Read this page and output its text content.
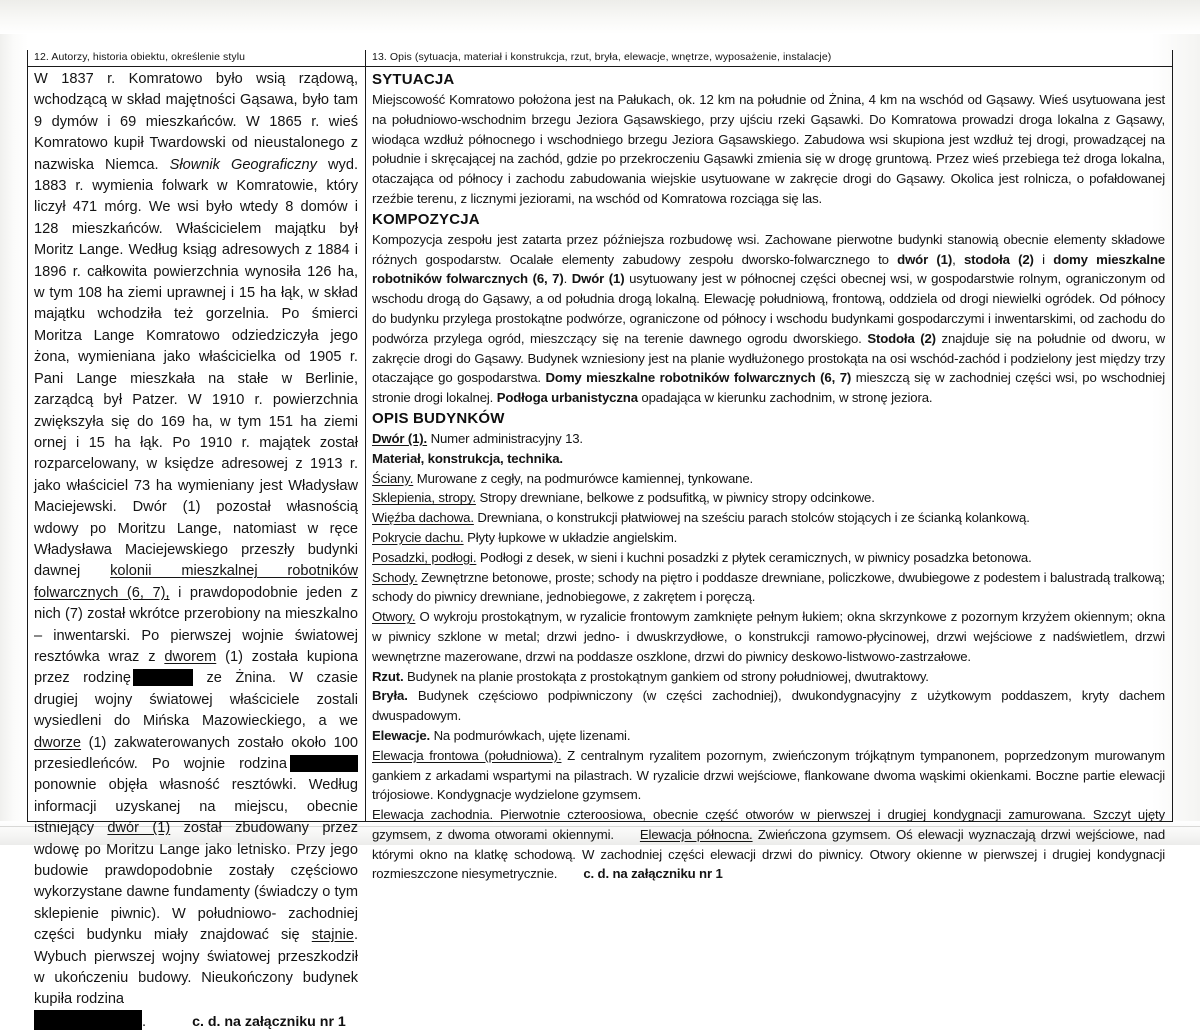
12. Autorzy, historia obiektu, określenie stylu

W 1837 r. Komratowo było wsią rządową, wchodzącą w skład majętności Gąsawa, było tam 9 dymów i 69 mieszkańców. W 1865 r. wieś Komratowo kupił Twardowski od nieustalonego z nazwiska Niemca. Słownik Geograficzny wyd. 1883 r. wymienia folwark w Komratowie, który liczył 471 mórg. We wsi było wtedy 8 domów i 128 mieszkańców. Właścicielem majątku był Moritz Lange. Według ksiąg adresowych z 1884 i 1896 r. całkowita powierzchnia wynosiła 126 ha, w tym 108 ha ziemi uprawnej i 15 ha łąk, w skład majątku wchodziła też gorzelnia. Po śmierci Moritza Lange Komratowo odziedziczyła jego żona, wymieniana jako właścicielka od 1905 r. Pani Lange mieszkała na stałe w Berlinie, zarządcą był Patzer. W 1910 r. powierzchnia zwiększyła się do 169 ha, w tym 151 ha ziemi ornej i 15 ha łąk. Po 1910 r. majątek został rozparcelowany, w księdze adresowej z 1913 r. jako właściciel 73 ha wymieniany jest Władysław Maciejewski. Dwór (1) pozostał własnością wdowy po Moritzu Lange, natomiast w ręce Władysława Maciejewskiego przeszły budynki dawnej kolonii mieszkalnej robotników folwarcznych (6, 7), i prawdopodobnie jeden z nich (7) został wkrótce przerobiony na mieszkalno – inwentarski. Po pierwszej wojnie światowej resztówka wraz z dworem (1) została kupiona przez rodzinę	ze Żnina. W czasie drugiej wojny światowej właściciele zostali wysiedleni do Mińska Mazowieckiego, a we dworze (1) zakwaterowanych zostało około 100 przesiedleńców. Po wojnie rodzina ponownie objęła własność resztówki. Według informacji uzyskanej na miejscu, obecnie istniejący dwór (1) został zbudowany przez wdowę po Moritzu Lange jako letnisko. Przy jego budowie prawdopodobnie zostały częściowo wykorzystane dawne fundamenty (świadczy o tym sklepienie piwnic). W południowo- zachodniej części budynku miały znajdować się stajnie. Wybuch pierwszej wojny światowej przeszkodził w ukończeniu budowy. Nieukończony budynek kupiła rodzina

.	c. d. na załączniku nr 1
13. Opis (sytuacja, materiał i konstrukcja, rzut, bryła, elewacje, wnętrze, wyposażenie, instalacje)
SYTUACJA

Miejscowość Komratowo położona jest na Pałukach, ok. 12 km na południe od Żnina, 4 km na wschód od Gąsawy. Wieś usytuowana jest na południowo-wschodnim brzegu Jeziora Gąsawskiego, przy ujściu rzeki Gąsawki. Do Komratowa prowadzi droga lokalna z Gąsawy, wiodąca wzdłuż północnego i wschodniego brzegu Jeziora Gąsawskiego. Zabudowa wsi skupiona jest wzdłuż tej drogi, prowadzącej na południe i skręcającej na zachód, gdzie po przekroczeniu Gąsawki zmienia się w drogę gruntową. Przez wieś przebiega też droga lokalna, otaczająca od północy i zachodu zabudowania wiejskie usytuowane w zakręcie drogi do Gąsawy. Okolica jest rolnicza, o pofałdowanej rzeźbie terenu, z licznymi jeziorami, na wschód od Komratowa rozciąga się las.

KOMPOZYCJA

Kompozycja zespołu jest zatarta przez późniejsza rozbudowę wsi. Zachowane pierwotne budynki stanowią obecnie elementy składowe różnych gospodarstw. Ocalałe elementy zabudowy zespołu dworsko-folwarcznego to dwór (1), stodoła (2) i domy mieszkalne robotników folwarcznych (6, 7). Dwór (1) usytuowany jest w północnej części obecnej wsi, w gospodarstwie rolnym, ograniczonym od wschodu drogą do Gąsawy, a od południa drogą lokalną. Elewację południową, frontową, oddziela od drogi niewielki ogródek. Od północy do budynku przylega prostokątne podwórze, ograniczone od północy i wschodu budynkami gospodarczymi i inwentarskimi, od zachodu do podwórza przylega ogród, mieszczący się na terenie dawnego ogrodu dworskiego. Stodoła (2) znajduje się na południe od dworu, w zakręcie drogi do Gąsawy. Budynek wzniesiony jest na planie wydłużonego prostokąta na osi wschód-zachód i podzielony jest między trzy otaczające go gospodarstwa. Domy mieszkalne robotników folwarcznych (6, 7) mieszczą się w zachodniej części wsi, po wschodniej stronie drogi lokalnej. Podłoga urbanistyczna opadająca w kierunku zachodnim, w stronę jeziora.

OPIS BUDYNKÓW

Dwór (1). Numer administracyjny 13.

Materiał, konstrukcja, technika.

Ściany. Murowane z cegły, na podmurówce kamiennej, tynkowane.

Sklepienia, stropy. Stropy drewniane, belkowe z podsufitką, w piwnicy stropy odcinkowe.

Więźba dachowa. Drewniana, o konstrukcji płatwiowej na sześciu parach stolców stojących i ze ścianką kolankową.

Pokrycie dachu. Płyty łupkowe w układzie angielskim.

Posadzki, podłogi. Podłogi z desek, w sieni i kuchni posadzki z płytek ceramicznych, w piwnicy posadzka betonowa.

Schody. Zewnętrzne betonowe, proste; schody na piętro i poddasze drewniane, policzkowe, dwubiegowe z podestem i balustradą tralkową; schody do piwnicy drewniane, jednobiegowe, z zakrętem i poręczą.

Otwory. O wykroju prostokątnym, w ryzalicie frontowym zamknięte pełnym łukiem; okna skrzynkowe z pozornym krzyżem okiennym; okna w piwnicy szklone w metal; drzwi jedno- i dwuskrzydłowe, o konstrukcji ramowo-płycinowej, drzwi wejściowe z nadświetlem, drzwi wewnętrzne mazerowane, drzwi na poddasze oszklone, drzwi do piwnicy deskowo-listwowo-zastrzałowe.

Rzut. Budynek na planie prostokąta z prostokątnym gankiem od strony południowej, dwutraktowy.

Bryła. Budynek częściowo podpiwniczony (w części zachodniej), dwukondygnacyjny z użytkowym poddaszem, kryty dachem dwuspadowym.

Elewacje. Na podmurówkach, ujęte lizenami.

Elewacja frontowa (południowa). Z centralnym ryzalitem pozornym, zwieńczonym trójkątnym tympanonem, poprzedzonym murowanym gankiem z arkadami wspartymi na pilastrach. W ryzalicie drzwi wejściowe, flankowane dwoma wąskimi okienkami. Boczne partie elewacji trójosiowe. Kondygnacje wydzielone gzymsem.

Elewacja zachodnia. Pierwotnie czteroosiowa, obecnie część otworów w pierwszej i drugiej kondygnacji zamurowana. Szczyt ujęty gzymsem, z dwoma otworami okiennymi. Elewacja północna. Zwieńczona gzymsem. Oś elewacji wyznaczają drzwi wejściowe, nad którymi okno na klatkę schodową. W zachodniej części elewacji drzwi do piwnicy. Otwory okienne w pierwszej i drugiej kondygnacji rozmieszczone niesymetrycznie. c. d. na załączniku nr 1
